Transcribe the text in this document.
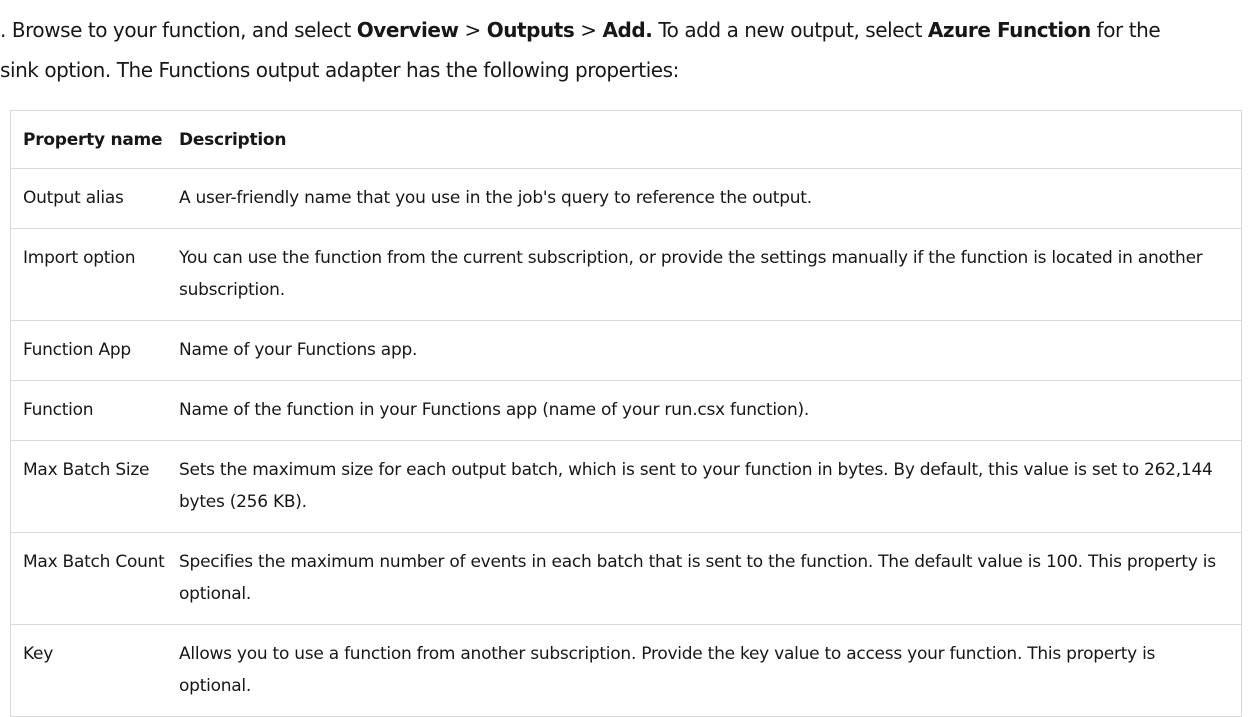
. Browse to your function, and select Overview > Outputs > Add. To add a new output, select Azure Function for the
sink option. The Functions output adapter has the following properties:
Property name	Description
Output alias	A user-friendly name that you use in the job's query to reference the output.
Import option	You can use the function from the current subscription, or provide the settings manually if the function is located in another subscription.
Function App	Name of your Functions app.
Function	Name of the function in your Functions app (name of your run.csx function).
Max Batch Size	Sets the maximum size for each output batch, which is sent to your function in bytes. By default, this value is set to 262,144 bytes (256 KB).
Max Batch Count	Specifies the maximum number of events in each batch that is sent to the function. The default value is 100. This property is optional.
Key	Allows you to use a function from another subscription. Provide the key value to access your function. This property is optional.
